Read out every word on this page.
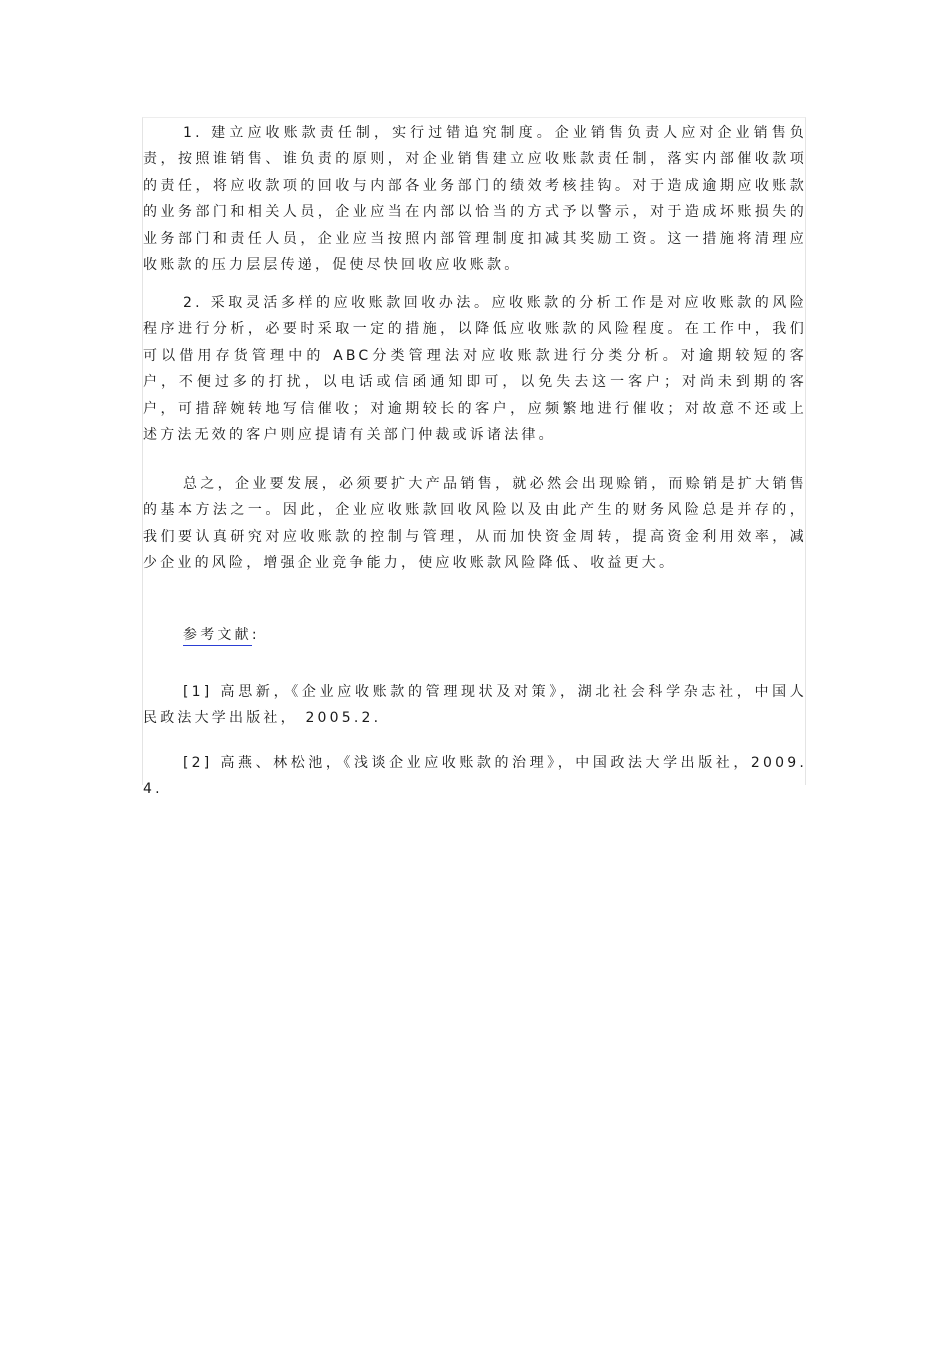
1. 建立应收账款责任制，实行过错追究制度。企业销售负责人应对企业销售负责，按照谁销售、谁负责的原则，对企业销售建立应收账款责任制，落实内部催收款项的责任，将应收款项的回收与内部各业务部门的绩效考核挂钩。对于造成逾期应收账款的业务部门和相关人员，企业应当在内部以恰当的方式予以警示，对于造成坏账损失的业务部门和责任人员，企业应当按照内部管理制度扣减其奖励工资。这一措施将清理应收账款的压力层层传递，促使尽快回收应收账款。

2. 采取灵活多样的应收账款回收办法。应收账款的分析工作是对应收账款的风险程序进行分析，必要时采取一定的措施，以降低应收账款的风险程度。在工作中，我们可以借用存货管理中的 ABC分类管理法对应收账款进行分类分析。对逾期较短的客户，不便过多的打扰，以电话或信函通知即可，以免失去这一客户；对尚未到期的客户，可措辞婉转地写信催收；对逾期较长的客户，应频繁地进行催收；对故意不还或上述方法无效的客户则应提请有关部门仲裁或诉诸法律。

总之，企业要发展，必须要扩大产品销售，就必然会出现赊销，而赊销是扩大销售的基本方法之一。因此，企业应收账款回收风险以及由此产生的财务风险总是并存的，我们要认真研究对应收账款的控制与管理，从而加快资金周转，提高资金利用效率，减少企业的风险，增强企业竞争能力，使应收账款风险降低、收益更大。

参考文献:

[1] 高思新，《企业应收账款的管理现状及对策》，湖北社会科学杂志社，中国人民政法大学出版社， 2005.2.

[2] 高燕、林松池，《浅谈企业应收账款的治理》，中国政法大学出版社，2009.4.
